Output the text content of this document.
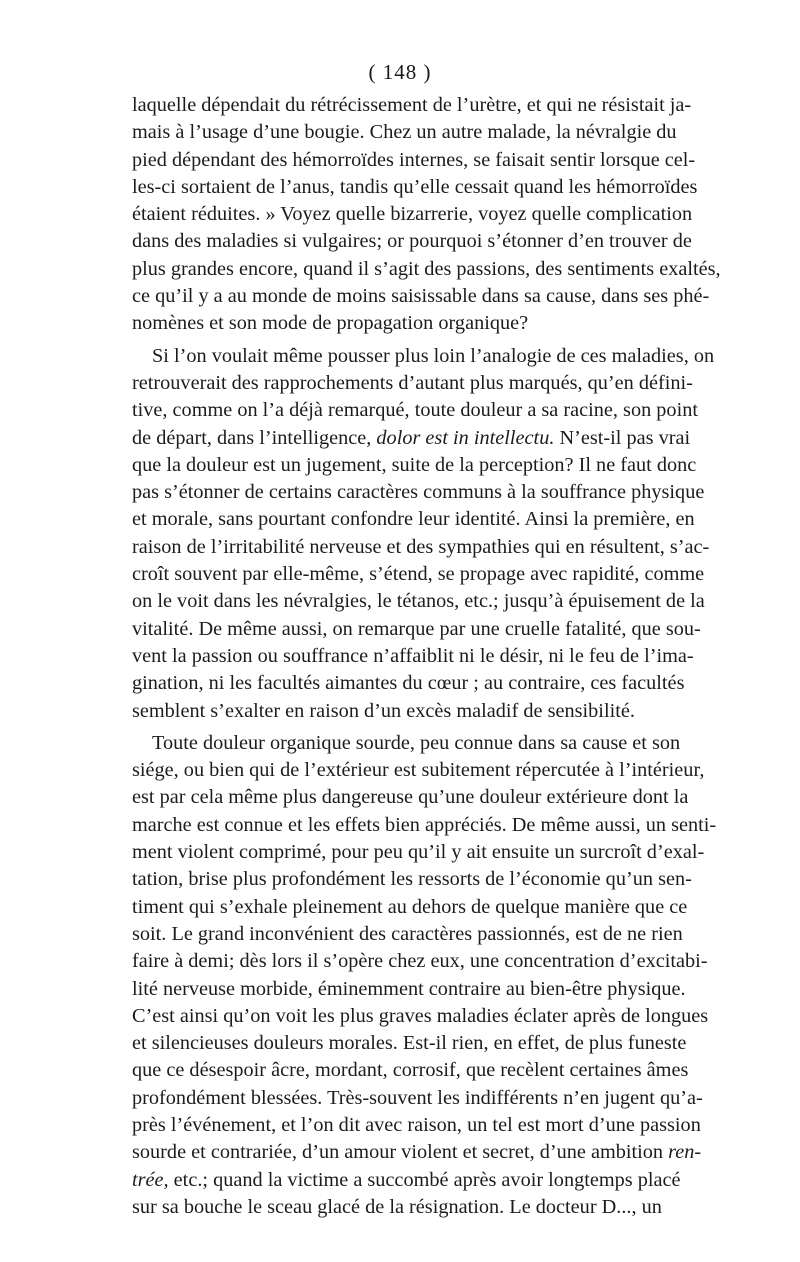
( 148 )
laquelle dépendait du rétrécissement de l’urètre, et qui ne résistait ja-
mais à l’usage d’une bougie. Chez un autre malade, la névralgie du
pied dépendant des hémorroïdes internes, se faisait sentir lorsque cel-
les-ci sortaient de l’anus, tandis qu’elle cessait quand les hémorroïdes
étaient réduites. » Voyez quelle bizarrerie, voyez quelle complication
dans des maladies si vulgaires; or pourquoi s’étonner d’en trouver de
plus grandes encore, quand il s’agit des passions, des sentiments exaltés,
ce qu’il y a au monde de moins saisissable dans sa cause, dans ses phé-
nomènes et son mode de propagation organique?
Si l’on voulait même pousser plus loin l’analogie de ces maladies, on
retrouverait des rapprochements d’autant plus marqués, qu’en défini-
tive, comme on l’a déjà remarqué, toute douleur a sa racine, son point
de départ, dans l’intelligence, dolor est in intellectu. N’est-il pas vrai
que la douleur est un jugement, suite de la perception? Il ne faut donc
pas s’étonner de certains caractères communs à la souffrance physique
et morale, sans pourtant confondre leur identité. Ainsi la première, en
raison de l’irritabilité nerveuse et des sympathies qui en résultent, s’ac-
croît souvent par elle-même, s’étend, se propage avec rapidité, comme
on le voit dans les névralgies, le tétanos, etc.; jusqu’à épuisement de la
vitalité. De même aussi, on remarque par une cruelle fatalité, que sou-
vent la passion ou souffrance n’affaiblit ni le désir, ni le feu de l’ima-
gination, ni les facultés aimantes du cœur ; au contraire, ces facultés
semblent s’exalter en raison d’un excès maladif de sensibilité.
Toute douleur organique sourde, peu connue dans sa cause et son
siége, ou bien qui de l’extérieur est subitement répercutée à l’intérieur,
est par cela même plus dangereuse qu’une douleur extérieure dont la
marche est connue et les effets bien appréciés. De même aussi, un senti-
ment violent comprimé, pour peu qu’il y ait ensuite un surcroît d’exal-
tation, brise plus profondément les ressorts de l’économie qu’un sen-
timent qui s’exhale pleinement au dehors de quelque manière que ce
soit. Le grand inconvénient des caractères passionnés, est de ne rien
faire à demi; dès lors il s’opère chez eux, une concentration d’excitabi-
lité nerveuse morbide, éminemment contraire au bien-être physique.
C’est ainsi qu’on voit les plus graves maladies éclater après de longues
et silencieuses douleurs morales. Est-il rien, en effet, de plus funeste
que ce désespoir âcre, mordant, corrosif, que recèlent certaines âmes
profondément blessées. Très-souvent les indifférents n’en jugent qu’a-
près l’événement, et l’on dit avec raison, un tel est mort d’une passion
sourde et contrariée, d’un amour violent et secret, d’une ambition ren-
trée, etc.; quand la victime a succombé après avoir longtemps placé
sur sa bouche le sceau glacé de la résignation. Le docteur D..., un
